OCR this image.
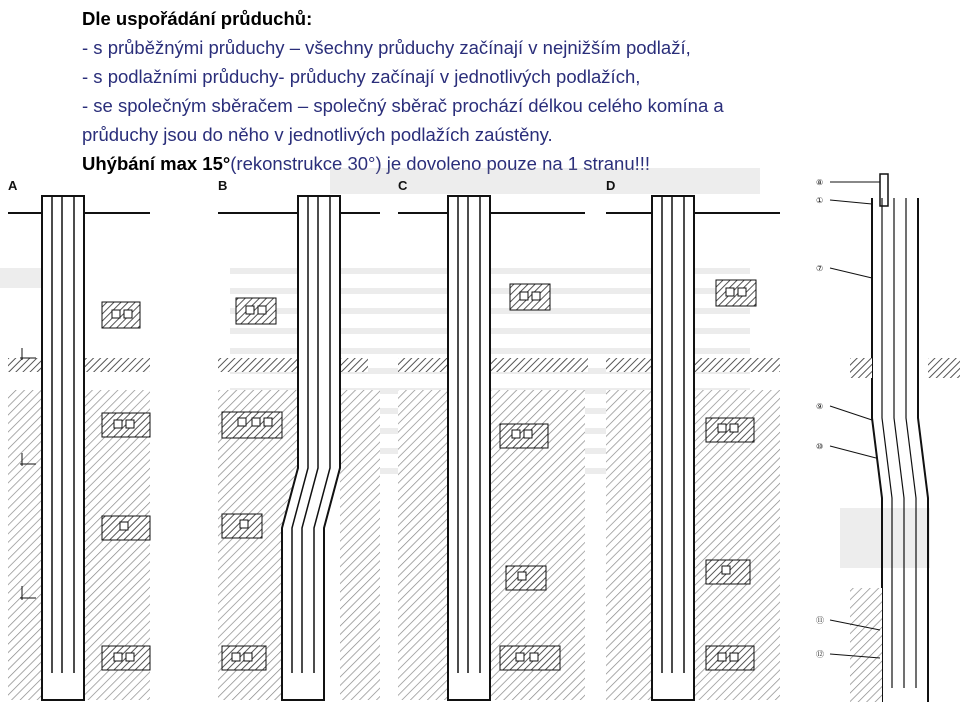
Dle uspořádání průduchů:
- s průběžnými průduchy – všechny průduchy začínají v nejnižším podlaží,
- s podlažními průduchy- průduchy začínají v jednotlivých podlažích,
- se společným sběračem – společný sběrač prochází délkou celého komína a
průduchy jsou do něho v jednotlivých podlažích zaústěny.
Uhýbání max 15°(rekonstrukce 30°) je dovoleno pouze na 1 stranu!!!
A	B	C	D	⑧
①
⑦
⑨
⑩
⑪
⑫
